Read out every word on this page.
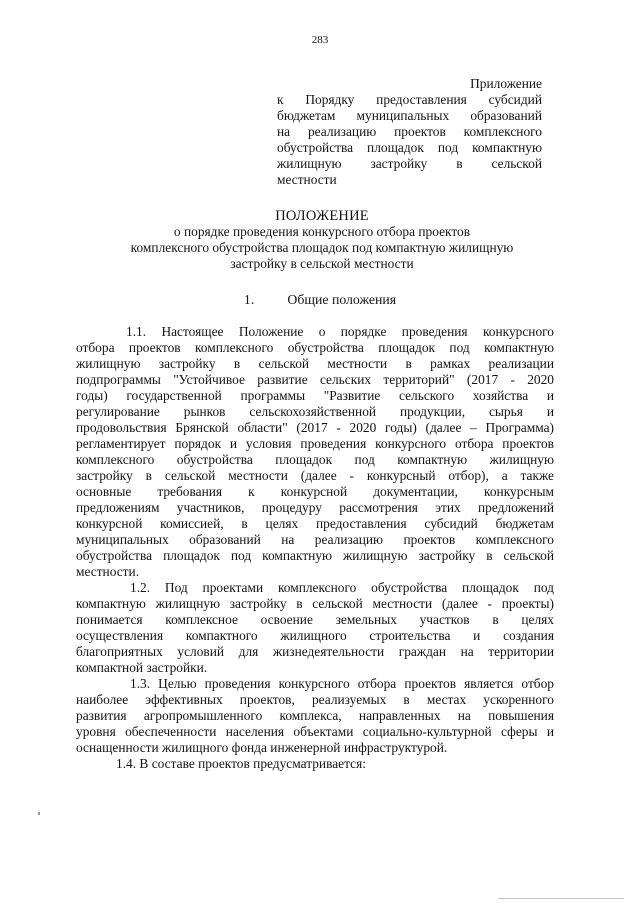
283
Приложение
к Порядку предоставления субсидий
бюджетам муниципальных образований
на реализацию проектов комплексного
обустройства площадок под компактную
жилищную застройку в сельской
местности
ПОЛОЖЕНИЕ
о порядке проведения конкурсного отбора проектов
комплексного обустройства площадок под компактную жилищную
застройку в сельской местности
1. Общие положения

1.1. Настоящее Положение о порядке проведения конкурсного
отбора проектов комплексного обустройства площадок под компактную
жилищную застройку в сельской местности в рамках реализации
подпрограммы "Устойчивое развитие сельских территорий" (2017 - 2020
годы) государственной программы "Развитие сельского хозяйства и
регулирование рынков сельскохозяйственной продукции, сырья и
продовольствия Брянской области" (2017 - 2020 годы) (далее – Программа)
регламентирует порядок и условия проведения конкурсного отбора проектов
комплексного обустройства площадок под компактную жилищную
застройку в сельской местности (далее - конкурсный отбор), а также
основные требования к конкурсной документации, конкурсным
предложениям участников, процедуру рассмотрения этих предложений
конкурсной комиссией, в целях предоставления субсидий бюджетам
муниципальных образований на реализацию проектов комплексного
обустройства площадок под компактную жилищную застройку в сельской
местности.

1.2. Под проектами комплексного обустройства площадок под
компактную жилищную застройку в сельской местности (далее - проекты)
понимается комплексное освоение земельных участков в целях
осуществления компактного жилищного строительства и создания
благоприятных условий для жизнедеятельности граждан на территории
компактной застройки.

1.3. Целью проведения конкурсного отбора проектов является отбор
наиболее эффективных проектов, реализуемых в местах ускоренного
развития агропромышленного комплекса, направленных на повышения
уровня обеспеченности населения объектами социально-культурной сферы и
оснащенности жилищного фонда инженерной инфраструктурой.

1.4. В составе проектов предусматривается:
